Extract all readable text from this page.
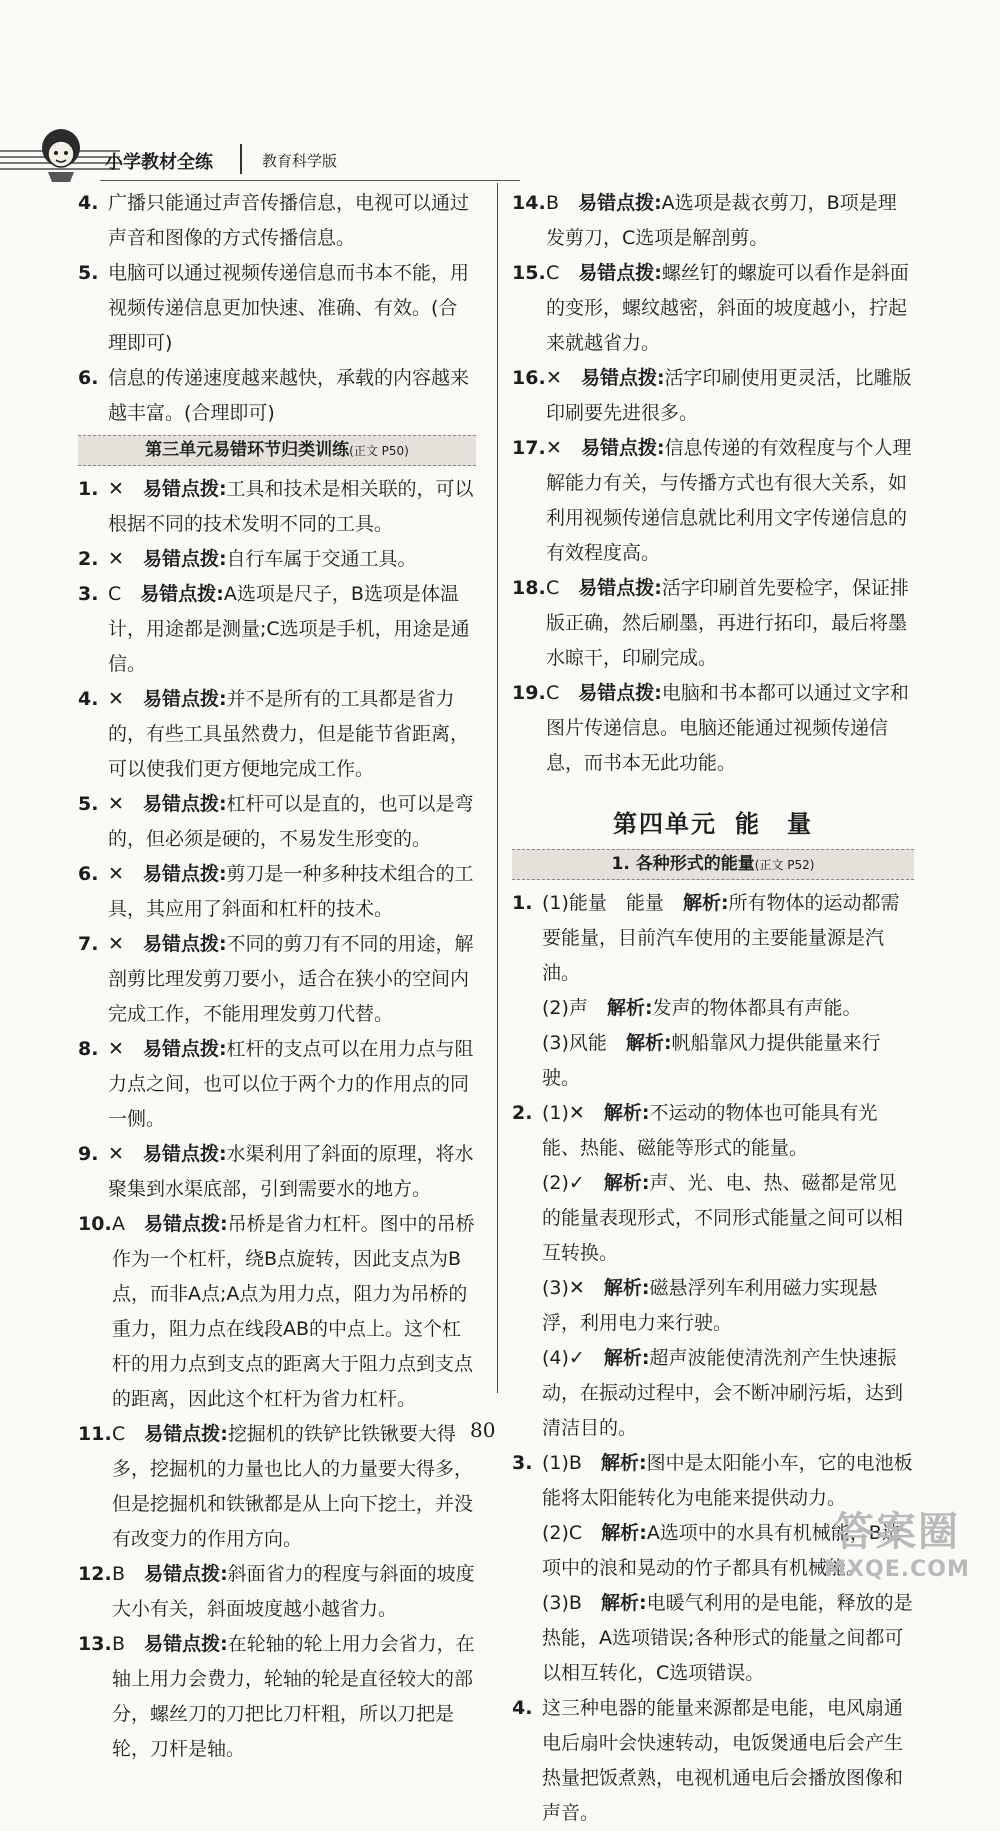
小学教材全练	教育科学版
4. 广播只能通过声音传播信息，电视可以通过声音和图像的方式传播信息。
5. 电脑可以通过视频传递信息而书本不能，用视频传递信息更加快速、准确、有效。(合理即可)
6. 信息的传递速度越来越快，承载的内容越来越丰富。(合理即可)
第三单元易错环节归类训练(正文 P50)
1. ✕　 易错点拨:工具和技术是相关联的，可以根据不同的技术发明不同的工具。
2. ✕　 易错点拨:自行车属于交通工具。
3. C　 易错点拨:A选项是尺子，B选项是体温计，用途都是测量;C选项是手机，用途是通信。
4. ✕　 易错点拨:并不是所有的工具都是省力的，有些工具虽然费力，但是能节省距离，可以使我们更方便地完成工作。
5. ✕　 易错点拨:杠杆可以是直的，也可以是弯的，但必须是硬的，不易发生形变的。
6. ✕　 易错点拨:剪刀是一种多种技术组合的工具，其应用了斜面和杠杆的技术。
7. ✕　 易错点拨:不同的剪刀有不同的用途，解剖剪比理发剪刀要小，适合在狭小的空间内完成工作，不能用理发剪刀代替。
8. ✕　 易错点拨:杠杆的支点可以在用力点与阻力点之间，也可以位于两个力的作用点的同一侧。
9. ✕　 易错点拨:水渠利用了斜面的原理，将水聚集到水渠底部，引到需要水的地方。
10. A　 易错点拨:吊桥是省力杠杆。图中的吊桥作为一个杠杆，绕B点旋转，因此支点为B点，而非A点;A点为用力点，阻力为吊桥的重力，阻力点在线段AB的中点上。这个杠杆的用力点到支点的距离大于阻力点到支点的距离，因此这个杠杆为省力杠杆。
11. C　 易错点拨:挖掘机的铁铲比铁锹要大得多，挖掘机的力量也比人的力量要大得多，但是挖掘机和铁锹都是从上向下挖土，并没有改变力的作用方向。
12. B　 易错点拨:斜面省力的程度与斜面的坡度大小有关，斜面坡度越小越省力。
13. B　 易错点拨:在轮轴的轮上用力会省力，在轴上用力会费力，轮轴的轮是直径较大的部分，螺丝刀的刀把比刀杆粗，所以刀把是轮，刀杆是轴。
14. B　 易错点拨:A选项是裁衣剪刀，B项是理发剪刀，C选项是解剖剪。
15. C　 易错点拨:螺丝钉的螺旋可以看作是斜面的变形，螺纹越密，斜面的坡度越小，拧起来就越省力。
16. ✕　 易错点拨:活字印刷使用更灵活，比雕版印刷要先进很多。
17. ✕　 易错点拨:信息传递的有效程度与个人理解能力有关，与传播方式也有很大关系，如利用视频传递信息就比利用文字传递信息的有效程度高。
18. C　 易错点拨:活字印刷首先要检字，保证排版正确，然后刷墨，再进行拓印，最后将墨水晾干，印刷完成。
19. C　 易错点拨:电脑和书本都可以通过文字和图片传递信息。电脑还能通过视频传递信息，而书本无此功能。
第四单元 能　量
1. 各种形式的能量(正文 P52)
1. (1)能量　能量　 解析:所有物体的运动都需要能量，目前汽车使用的主要能量源是汽油。
(2)声　 解析:发声的物体都具有声能。
(3)风能　 解析:帆船靠风力提供能量来行驶。
2. (1)✕　 解析:不运动的物体也可能具有光能、热能、磁能等形式的能量。
(2)✓　 解析:声、光、电、热、磁都是常见的能量表现形式，不同形式能量之间可以相互转换。
(3)✕　 解析:磁悬浮列车利用磁力实现悬浮，利用电力来行驶。
(4)✓　 解析:超声波能使清洗剂产生快速振动，在振动过程中，会不断冲刷污垢，达到清洁目的。
3. (1)B　 解析:图中是太阳能小车，它的电池板能将太阳能转化为电能来提供动力。
(2)C　 解析:A选项中的水具有机械能，B选项中的浪和晃动的竹子都具有机械能。
(3)B　 解析:电暖气利用的是电能，释放的是热能，A选项错误;各种形式的能量之间都可以相互转化，C选项错误。
4. 这三种电器的能量来源都是电能，电风扇通电后扇叶会快速转动，电饭煲通电后会产生热量把饭煮熟，电视机通电后会播放图像和声音。
80
答案圈
MXQE.COM
